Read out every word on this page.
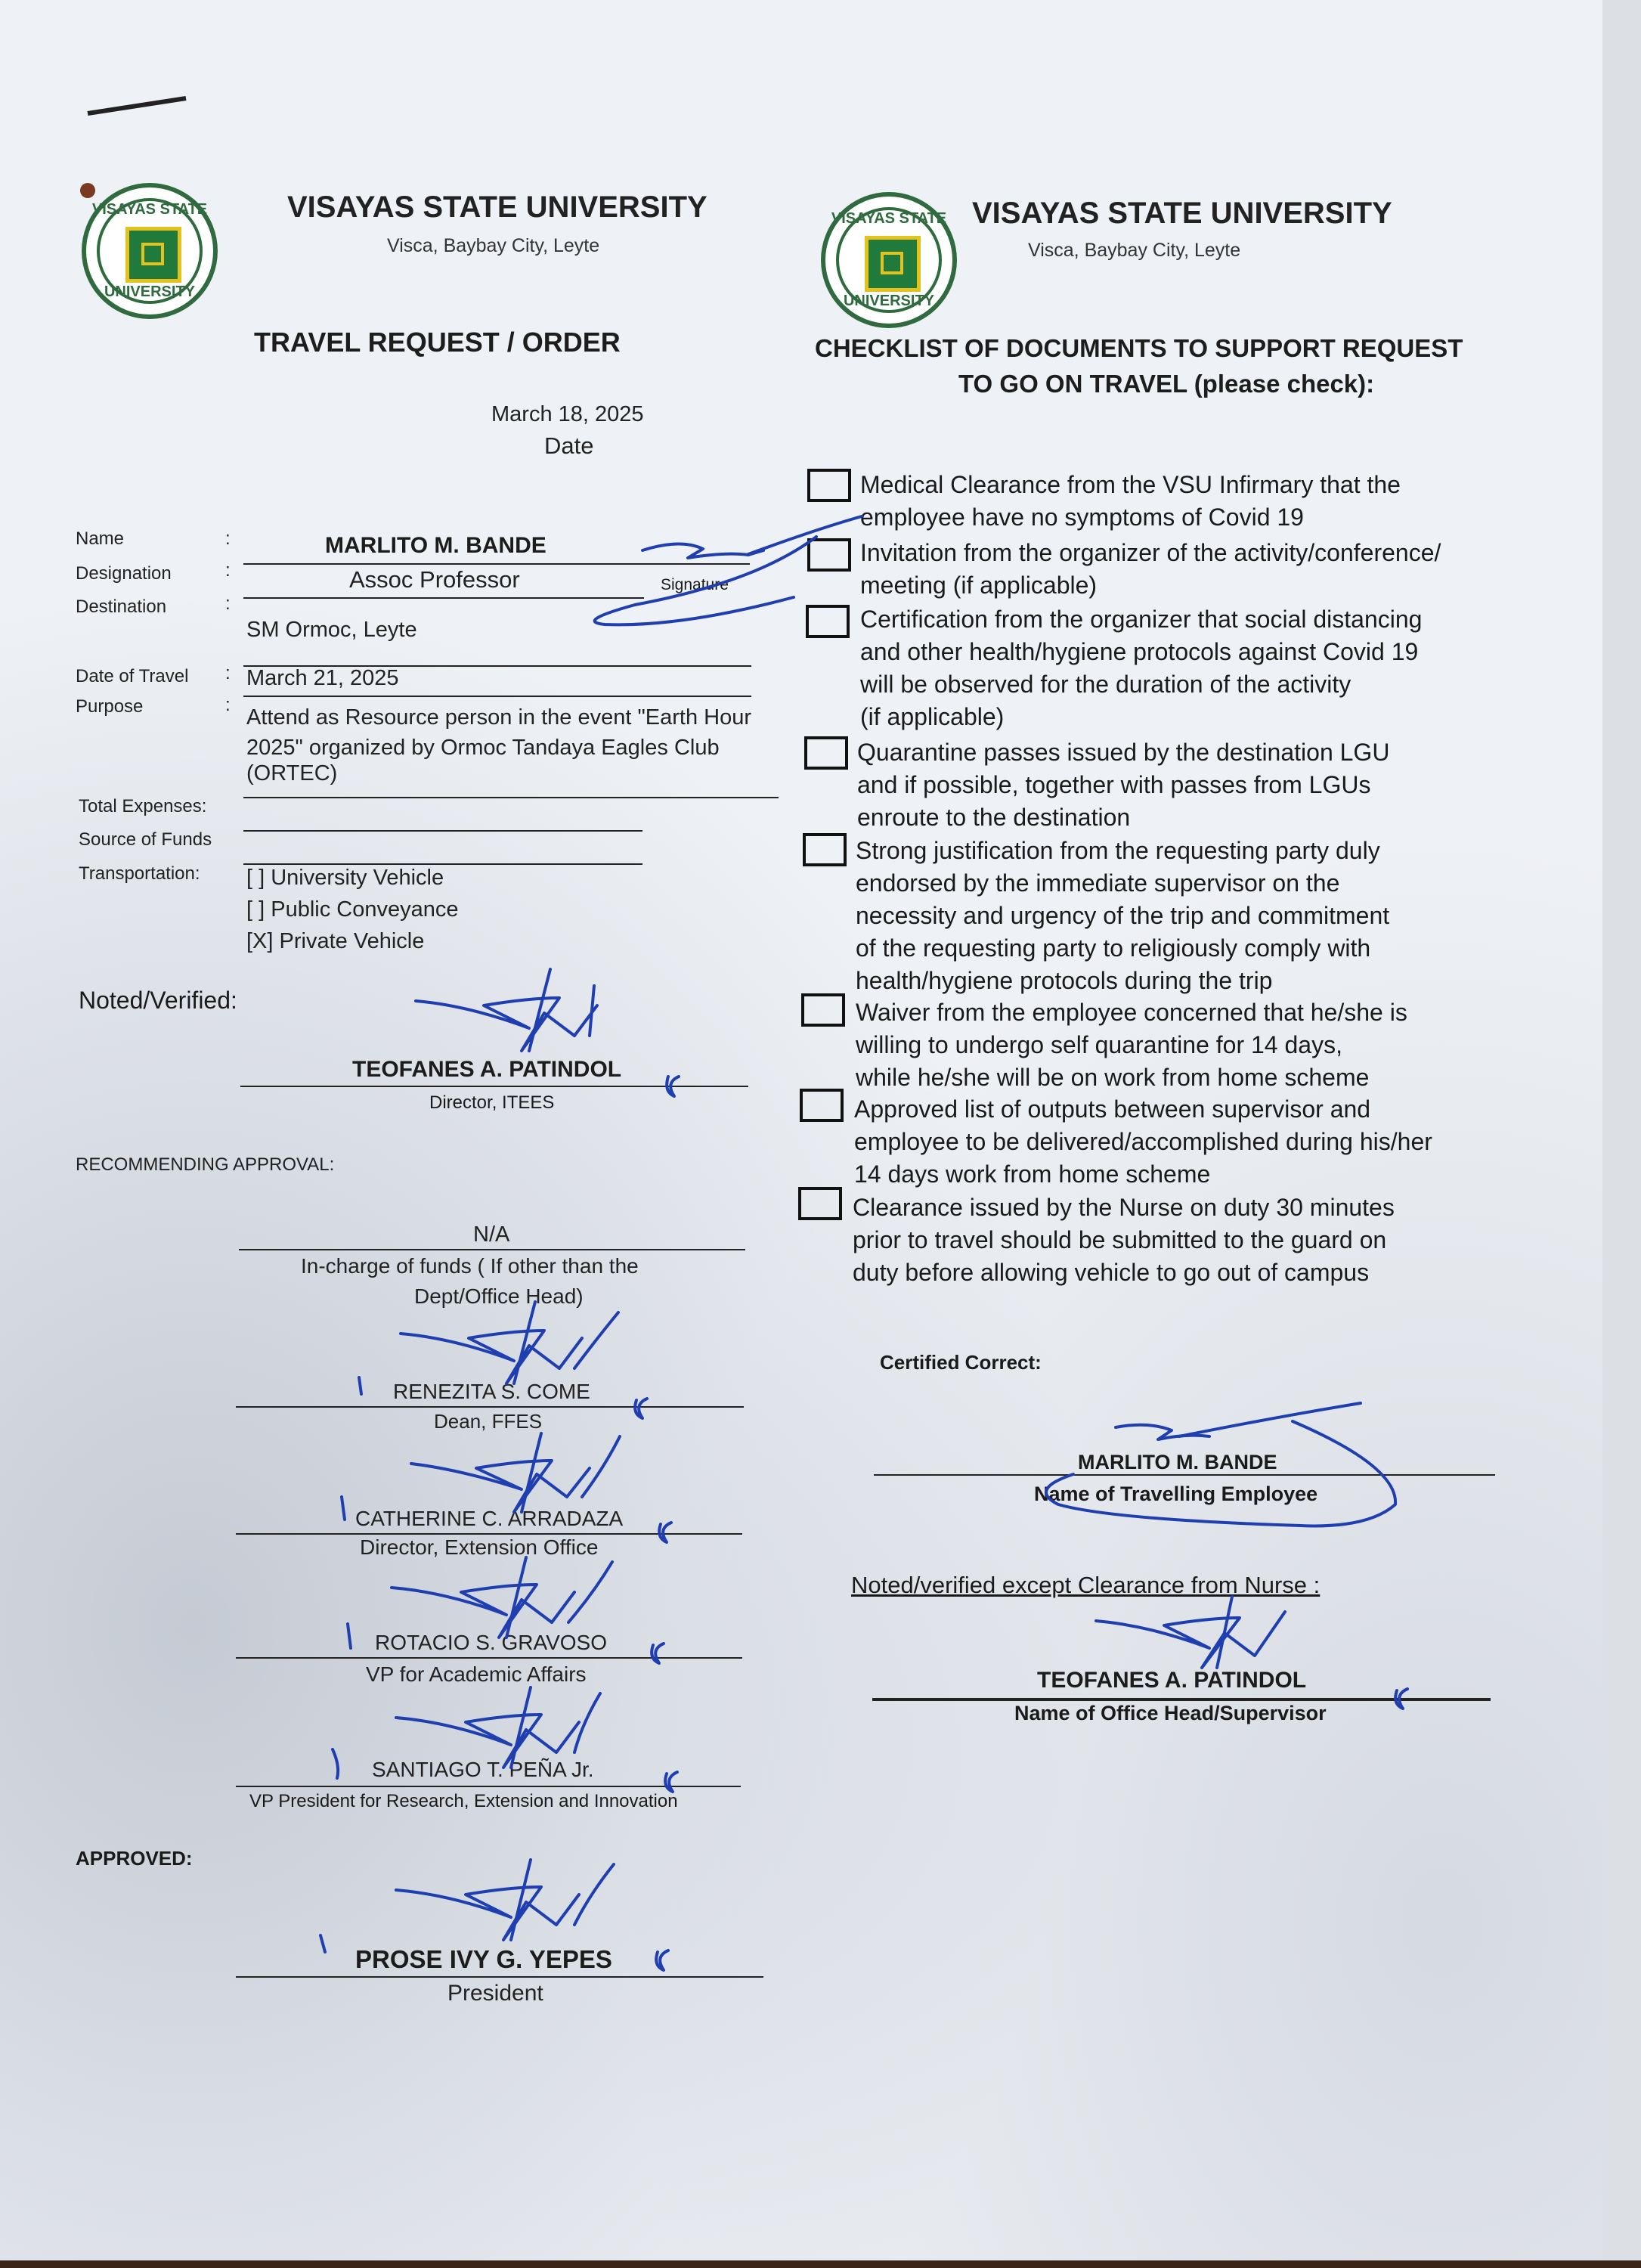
VISAYAS STATE
UNIVERSITY
VISAYAS STATE UNIVERSITY
Visca, Baybay City, Leyte
TRAVEL REQUEST / ORDER
March 18, 2025
Date
Name	:	MARLITO M. BANDE
Signature
Designation	:	Assoc Professor
Destination	:
SM Ormoc, Leyte
Date of Travel : March 21, 2025
Purpose	:
Attend as Resource person in the event "Earth Hour
2025" organized by Ormoc Tandaya Eagles Club
(ORTEC)
Total Expenses:
Source of Funds
Transportation: [ ] University Vehicle
[ ] Public Conveyance
[X] Private Vehicle
Noted/Verified:
TEOFANES A. PATINDOL
Director, ITEES
RECOMMENDING APPROVAL:
N/A
In-charge of funds ( If other than the
Dept/Office Head)
RENEZITA S. COME
Dean, FFES
CATHERINE C. ARRADAZA
Director, Extension Office
ROTACIO S. GRAVOSO
VP for Academic Affairs
SANTIAGO T. PEÑA Jr.
VP President for Research, Extension and Innovation
APPROVED:
PROSE IVY G. YEPES
President
VISAYAS STATE
UNIVERSITY
VISAYAS STATE UNIVERSITY
Visca, Baybay City, Leyte
CHECKLIST OF DOCUMENTS TO SUPPORT REQUEST
TO GO ON TRAVEL (please check):
Medical Clearance from the VSU Infirmary that the
employee have no symptoms of Covid 19
Invitation from the organizer of the activity/conference/
meeting (if applicable)
Certification from the organizer that social distancing
and other health/hygiene protocols against Covid 19
will be observed for the duration of the activity
(if applicable)
Quarantine passes issued by the destination LGU
and if possible, together with passes from LGUs
enroute to the destination
Strong justification from the requesting party duly
endorsed by the immediate supervisor on the
necessity and urgency of the trip and commitment
of the requesting party to religiously comply with
health/hygiene protocols during the trip
Waiver from the employee concerned that he/she is
willing to undergo self quarantine for 14 days,
while he/she will be on work from home scheme
Approved list of outputs between supervisor and
employee to be delivered/accomplished during his/her
14 days work from home scheme
Clearance issued by the Nurse on duty 30 minutes
prior to travel should be submitted to the guard on
duty before allowing vehicle to go out of campus
Certified Correct:
MARLITO M. BANDE
Name of Travelling Employee
Noted/verified except Clearance from Nurse :
TEOFANES A. PATINDOL
Name of Office Head/Supervisor
